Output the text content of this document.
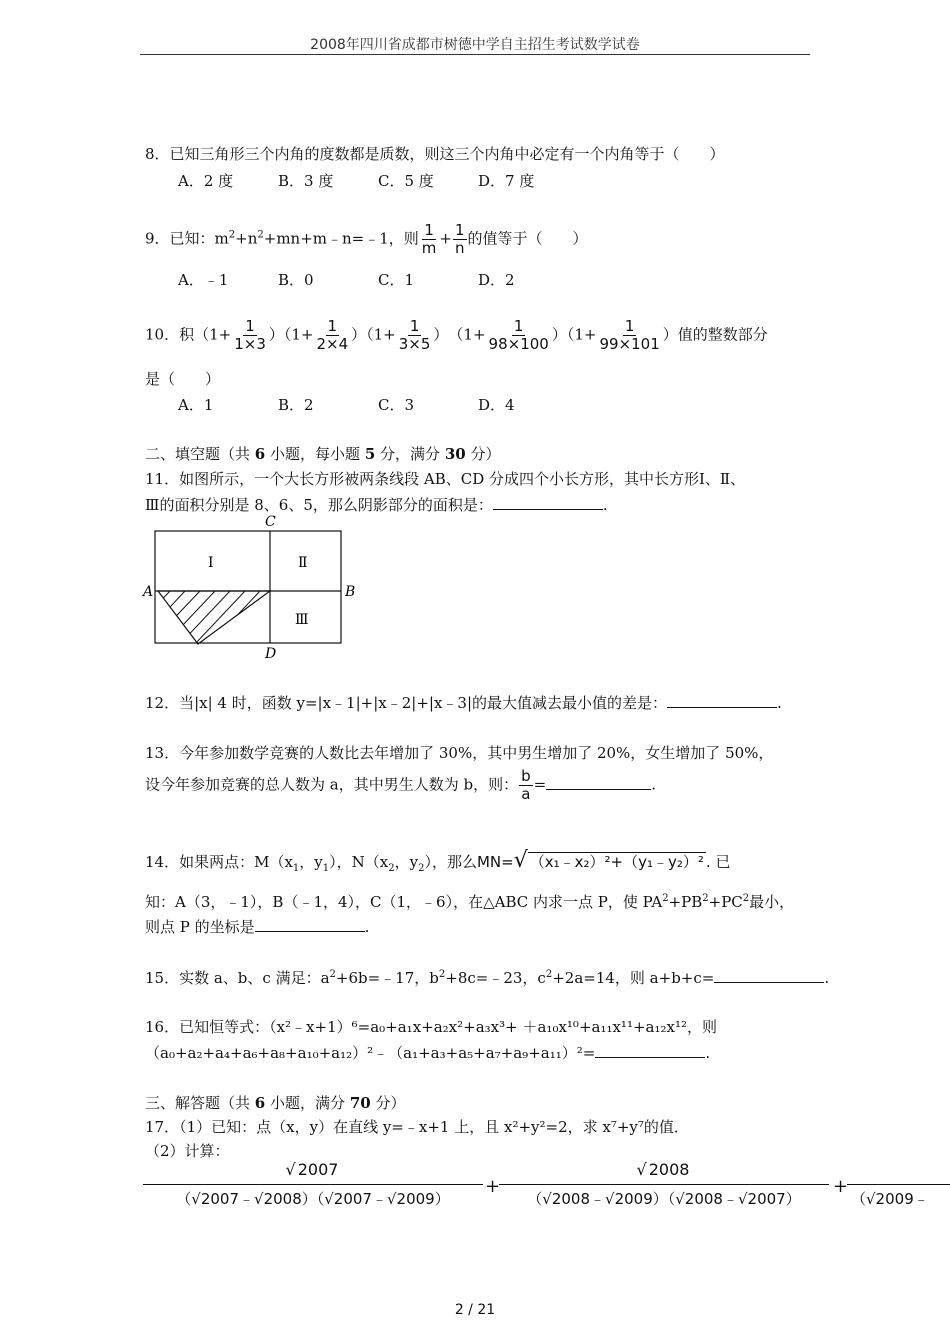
2008年四川省成都市树德中学自主招生考试数学试卷
8．已知三角形三个内角的度数都是质数，则这三个内角中必定有一个内角等于（　　）
A．2 度	B．3 度	C．5 度	D．7 度
9．已知：$m^2+n^2+mn+m﹣n=﹣1$，则 $\frac{1}{m} + \frac{1}{n}$ 的值等于（　　）
A．﹣1	B．0	C．1	D．2
10．积$(1+ \frac{1}{1\times 3} )(1+ \frac{1}{2\times 4} )(1+ \frac{1}{3\times 5}$ ）　$(1+ \frac{1}{98\times 100} )(1+ \frac{1}{99\times 101}$ ）值的整数部分
是（　　）
A．1	B．2	C．3	D．4
二、填空题（共 6 小题，每小题 5 分，满分 30 分）
11．如图所示，一个大长方形被两条线段 AB、CD 分成四个小长方形，其中长方形Ⅰ、Ⅱ、
Ⅲ的面积分别是 8、6、5，那么阴影部分的面积是：	.
C
D
A	B
Ⅰ	Ⅱ
Ⅲ
12．当|x| 4 时，函数 y=|x﹣1|+|x﹣2|+|x﹣3|的最大值减去最小值的差是：	.
13．今年参加数学竞赛的人数比去年增加了 30%，其中男生增加了 20%，女生增加了 50%，
设今年参加竞赛的总人数为 a，其中男生人数为 b，则： $\frac{b}{a}$ =	.
14．如果两点：$M(x_1$，$y_1$），$N(x_2$，$y_2$），那么MN=√ （x₁﹣x₂）²+（y₁﹣y₂）² . 已
知：A（3，﹣1），B（﹣1，4），C（1，﹣6），在△ABC 内求一点 P，使 $PA^2+PB^2+PC^2$最小，
则点 P 的坐标是	.
15．实数 a、b、c 满足：$a^2+6b=﹣17$，$b^2+8c=﹣23$，$c^2+2a=14$，则 a+b+c=	.
16．已知恒等式：（x²﹣x+1）⁶=a₀+a₁x+a₂x²+a₃x³+ ＋a₁₀x¹⁰+a₁₁x¹¹+a₁₂x¹²，则
（a₀+a₂+a₄+a₆+a₈+a₁₀+a₁₂）²﹣（a₁+a₃+a₅+a₇+a₉+a₁₁）²=	.
三、解答题（共 6 小题，满分 70 分）
17．（1）已知：点（x，y）在直线 y=﹣x+1 上，且 x²+y²=2，求 x⁷+y⁷的值．
（2）计算：
√ 2007
（√2007﹣√2008）（√2007﹣√2009）
+
√ 2008
（√2008﹣√2009）（√2008﹣√2007）
+
（√2009﹣
2 / 21
